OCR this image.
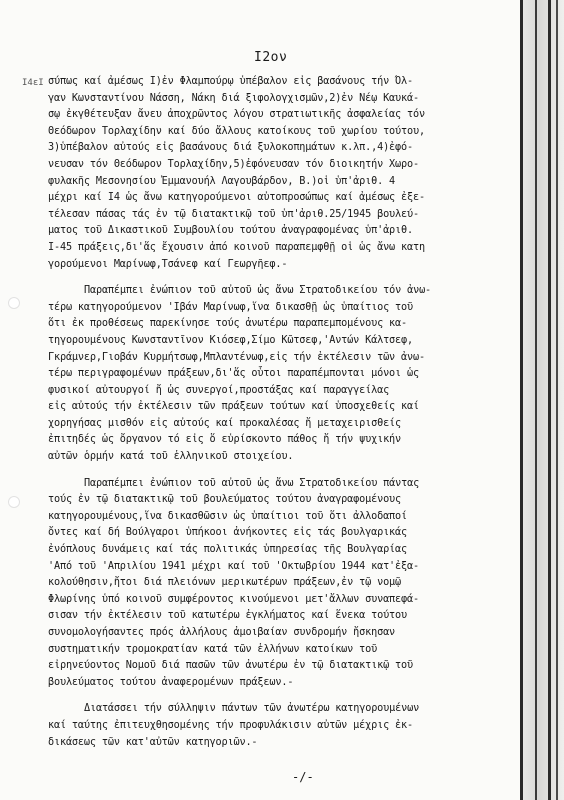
Ι4εΙ
I2ον
σύπως καί ἀμέσως Ι)ἐν Φλαμπούρῳ ὑπέβαλον εἰς βασάνους τήν Όλ-
γαν Κωνσταντίνου Νάσση, Νάκη διά ξιφολογχισμῶν,2)ἐν Νέῳ Καυκά-
σῳ ἐκγθέτευξαν ἄνευ ἀποχρῶντος λόγου στρατιωτικῆς ἀσφαλείας τόν
Θεόδωρον Τορλαχίδην καί δύο ἄλλους κατοίκους τοῦ χωρίου τούτου,
3)ὑπέβαλον αὐτούς εἰς βασάνους διά ξυλοκοπημάτων κ.λπ.,4)ἐφό-
νευσαν τόν Θεόδωρον Τορλαχίδην,5)ἐφόνευσαν τόν διοικητήν Χωρο-
φυλακῆς Μεσονησίου Ἐμμανουήλ Λαγουβάρδον, Β.)οἱ ὑπ'ἀριθ. 4
μέχρι καί Ι4 ὡς ἄνω κατηγορούμενοι αὐτοπροσώπως καί ἀμέσως ἐξε-
τέλεσαν πάσας τάς ἐν τῷ διατακτικῷ τοῦ ὑπ'ἀριθ.25/1945 βουλεύ-
ματος τοῦ Δικαστικοῦ Συμβουλίου τούτου ἀναγραφομένας ὑπ'ἀριθ.
Ι-45 πράξεις,δι'ἅς ἔχουσιν ἀπό κοινοῦ παραπεμφθῇ οἱ ὡς ἄνω κατη
γορούμενοι Μαρίνωφ,Τσάνεφ καί Γεωργῆεφ.-
Παραπέμπει ἐνώπιον τοῦ αὐτοῦ ὡς ἄνω Στρατοδικείου τόν ἀνω-
τέρω κατηγορούμενον 'Ιβάν Μαρίνωφ,ἵνα δικασθῇ ὡς ὑπαίτιος τοῦ
ὅτι ἐκ προθέσεως παρεκίνησε τούς ἀνωτέρω παραπεμπομένους κα-
τηγορουμένους Κωνσταντῖνον Κιόσεφ,Σίμο Κῶτσεφ,'Αντών Κάλτσεφ,
Γκράμνερ,Γιοβάν Κυρμήτσωφ,Μπλαντένωφ,εἰς τήν ἐκτέλεσιν τῶν ἀνω-
τέρω περιγραφομένων πράξεων,δι'ἅς οὗτοι παραπέμπονται μόνοι ὡς
φυσικοί αὐτουργοί ἤ ὡς συνεργοί,προστάξας καί παραγγείλας
εἰς αὐτούς τήν ἐκτέλεσιν τῶν πράξεων τούτων καί ὑποσχεθείς καί
χορηγήσας μισθόν εἰς αὐτούς καί προκαλέσας ἤ μεταχειρισθείς
ἐπιτηδές ὡς ὄργανον τό εἰς ὅ εὑρίσκοντο πάθος ἤ τήν ψυχικήν
αὐτῶν ὁρμήν κατά τοῦ ἑλληνικοῦ στοιχείου.
Παραπέμπει ἐνώπιον τοῦ αὐτοῦ ὡς ἄνω Στρατοδικείου πάντας
τούς ἐν τῷ διατακτικῷ τοῦ βουλεύματος τούτου ἀναγραφομένους
κατηγορουμένους,ἵνα δικασθῶσιν ὡς ὑπαίτιοι τοῦ ὅτι ἀλλοδαποί
ὄντες καί δή Βούλγαροι ὑπήκοοι ἀνήκοντες εἰς τάς βουλγαρικάς
ἐνόπλους δυνάμεις καί τάς πολιτικάς ὑπηρεσίας τῆς Βουλγαρίας
'Από τοῦ 'Απριλίου 1941 μέχρι καί τοῦ 'Οκτωβρίου 1944 κατ'ἐξα-
κολούθησιν,ἤτοι διά πλειόνων μερικωτέρων πράξεων,ἐν τῷ νομῷ
Φλωρίνης ὑπό κοινοῦ συμφέροντος κινούμενοι μετ'ἄλλων συναπεφά-
σισαν τήν ἐκτέλεσιν τοῦ κατωτέρω ἐγκλήματος καί ἕνεκα τούτου
συνομολογήσαντες πρός ἀλλήλους ἀμοιβαίαν συνδρομήν ἤσκησαν
συστηματικήν τρομοκρατίαν κατά τῶν ἑλλήνων κατοίκων τοῦ
εἰρηνεύοντος Νομοῦ διά πασῶν τῶν ἀνωτέρω ἐν τῷ διατακτικῷ τοῦ
βουλεύματος τούτου ἀναφερομένων πράξεων.-
Διατάσσει τήν σύλληψιν πάντων τῶν ἀνωτέρω κατηγορουμένων
καί ταύτης ἐπιτευχθησομένης τήν προφυλάκισιν αὐτῶν μέχρις ἐκ-
δικάσεως τῶν κατ'αὐτῶν κατηγοριῶν.-
-/-
